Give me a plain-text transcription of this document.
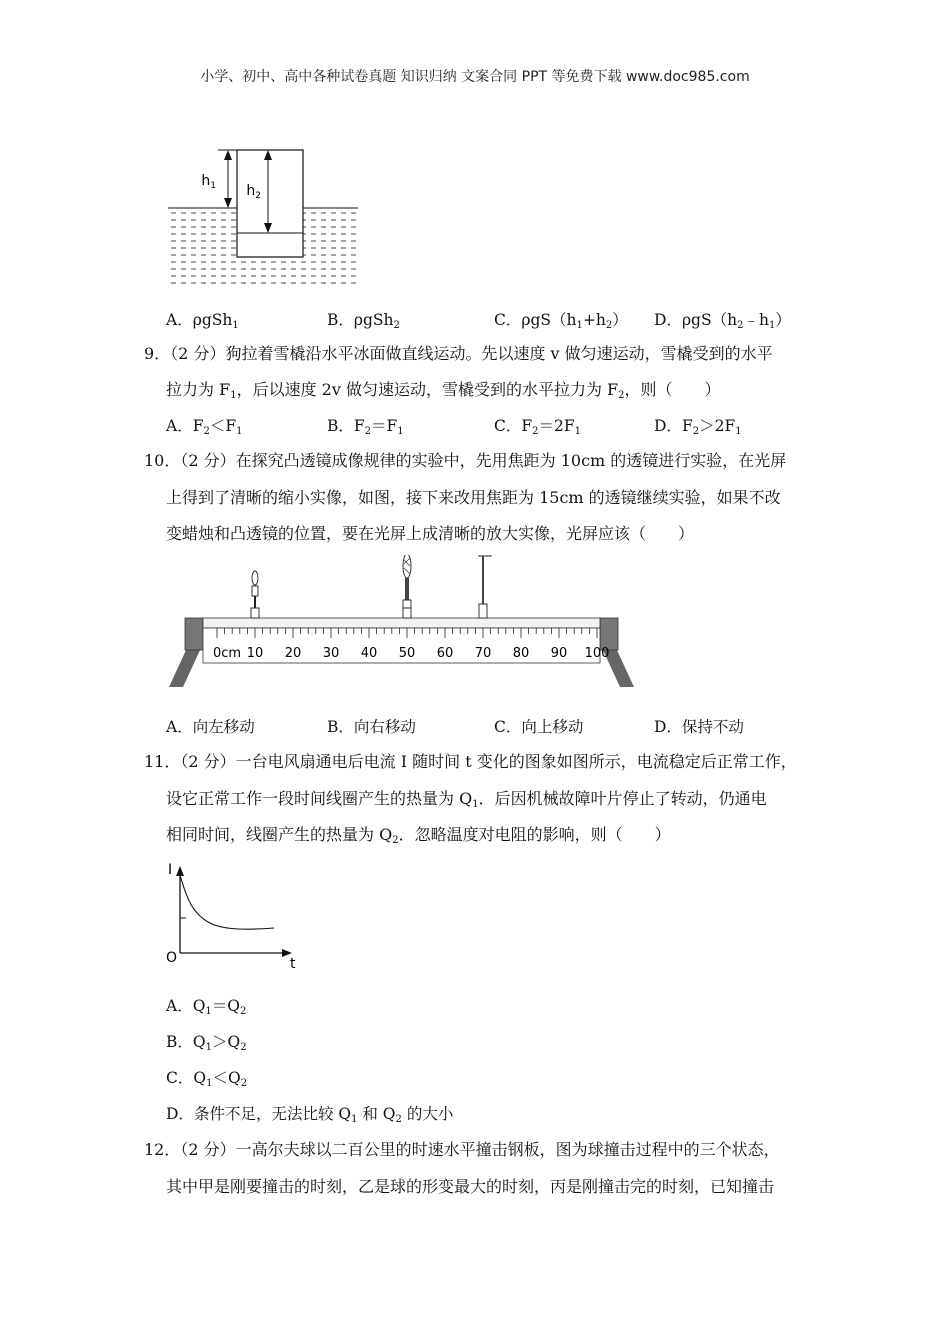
小学、初中、高中各种试卷真题 知识归纳 文案合同 PPT 等免费下载 www.doc985.com
$h_1$ $h_2$
A．ρgSh$_1$	B．ρgSh$_2$	C．$\rho gS(h_1+h_2)$ D．$\rho gS(h_2﹣h_1)$
9．（2 分）狗拉着雪橇沿水平冰面做直线运动。先以速度 v 做匀速运动，雪橇受到的水平
拉力为 $F_1$，后以速度 2v 做匀速运动，雪橇受到的水平拉力为 $F_2$，则（　　）
A．$F_2<F_1$	B．$F_2=F_1$	C．$F_2=2F_1$	D．$F_2>2F_1$
10．（2 分）在探究凸透镜成像规律的实验中，先用焦距为 10cm 的透镜进行实验，在光屏
上得到了清晰的缩小实像，如图，接下来改用焦距为 15cm 的透镜继续实验，如果不改
变蜡烛和凸透镜的位置，要在光屏上成清晰的放大实像，光屏应该（　　）
0cm 10 20 30 40 50 60 70 80 90 100
A．向左移动	B．向右移动	C．向上移动	D．保持不动
11．（2 分）一台电风扇通电后电流 I 随时间 t 变化的图象如图所示，电流稳定后正常工作，
设它正常工作一段时间线圈产生的热量为 $Q_1$．后因机械故障叶片停止了转动，仍通电
相同时间，线圈产生的热量为 $Q_2$．忽略温度对电阻的影响，则（　　）
I
t
O
A．$Q_1=Q_2$
B．$Q_1>Q_2$
C．$Q_1<Q_2$
D．条件不足，无法比较 $Q_1$ 和 $Q_2$ 的大小
12．（2 分）一高尔夫球以二百公里的时速水平撞击钢板，图为球撞击过程中的三个状态，
其中甲是刚要撞击的时刻，乙是球的形变最大的时刻，丙是刚撞击完的时刻，已知撞击
